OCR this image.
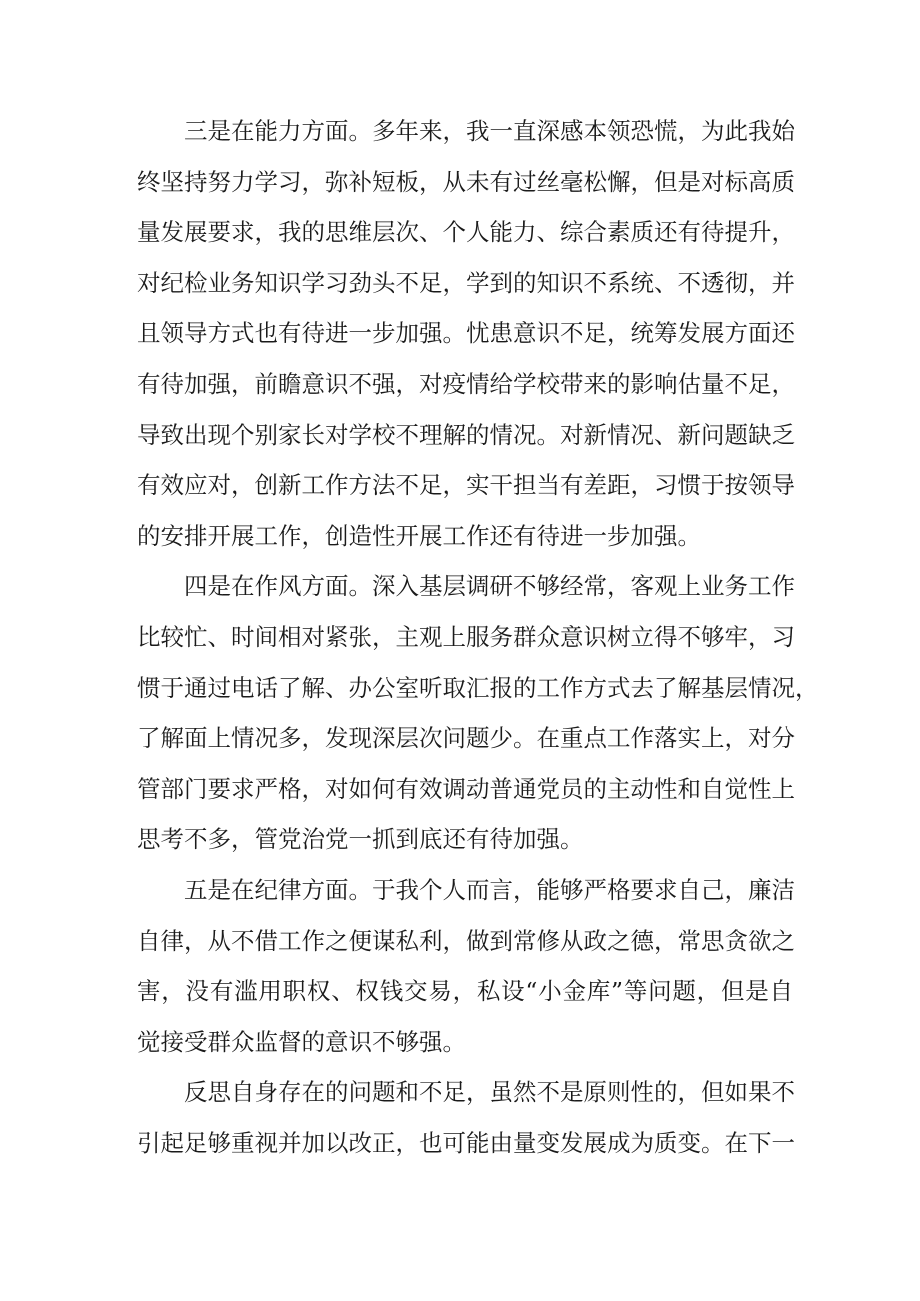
　　三是在能力方面。多年来，我一直深感本领恐慌，为此我始
终坚持努力学习，弥补短板，从未有过丝毫松懈，但是对标高质
量发展要求，我的思维层次、个人能力、综合素质还有待提升，
对纪检业务知识学习劲头不足，学到的知识不系统、不透彻，并
且领导方式也有待进一步加强。忧患意识不足，统筹发展方面还
有待加强，前瞻意识不强，对疫情给学校带来的影响估量不足，
导致出现个别家长对学校不理解的情况。对新情况、新问题缺乏
有效应对，创新工作方法不足，实干担当有差距，习惯于按领导
的安排开展工作，创造性开展工作还有待进一步加强。
　　四是在作风方面。深入基层调研不够经常，客观上业务工作
比较忙、时间相对紧张，主观上服务群众意识树立得不够牢，习
惯于通过电话了解、办公室听取汇报的工作方式去了解基层情况，
了解面上情况多，发现深层次问题少。在重点工作落实上，对分
管部门要求严格，对如何有效调动普通党员的主动性和自觉性上
思考不多，管党治党一抓到底还有待加强。
　　五是在纪律方面。于我个人而言，能够严格要求自己，廉洁
自律，从不借工作之便谋私利，做到常修从政之德，常思贪欲之
害，没有滥用职权、权钱交易，私设“小金库”等问题，但是自
觉接受群众监督的意识不够强。
　　反思自身存在的问题和不足，虽然不是原则性的，但如果不
引起足够重视并加以改正，也可能由量变发展成为质变。在下一
